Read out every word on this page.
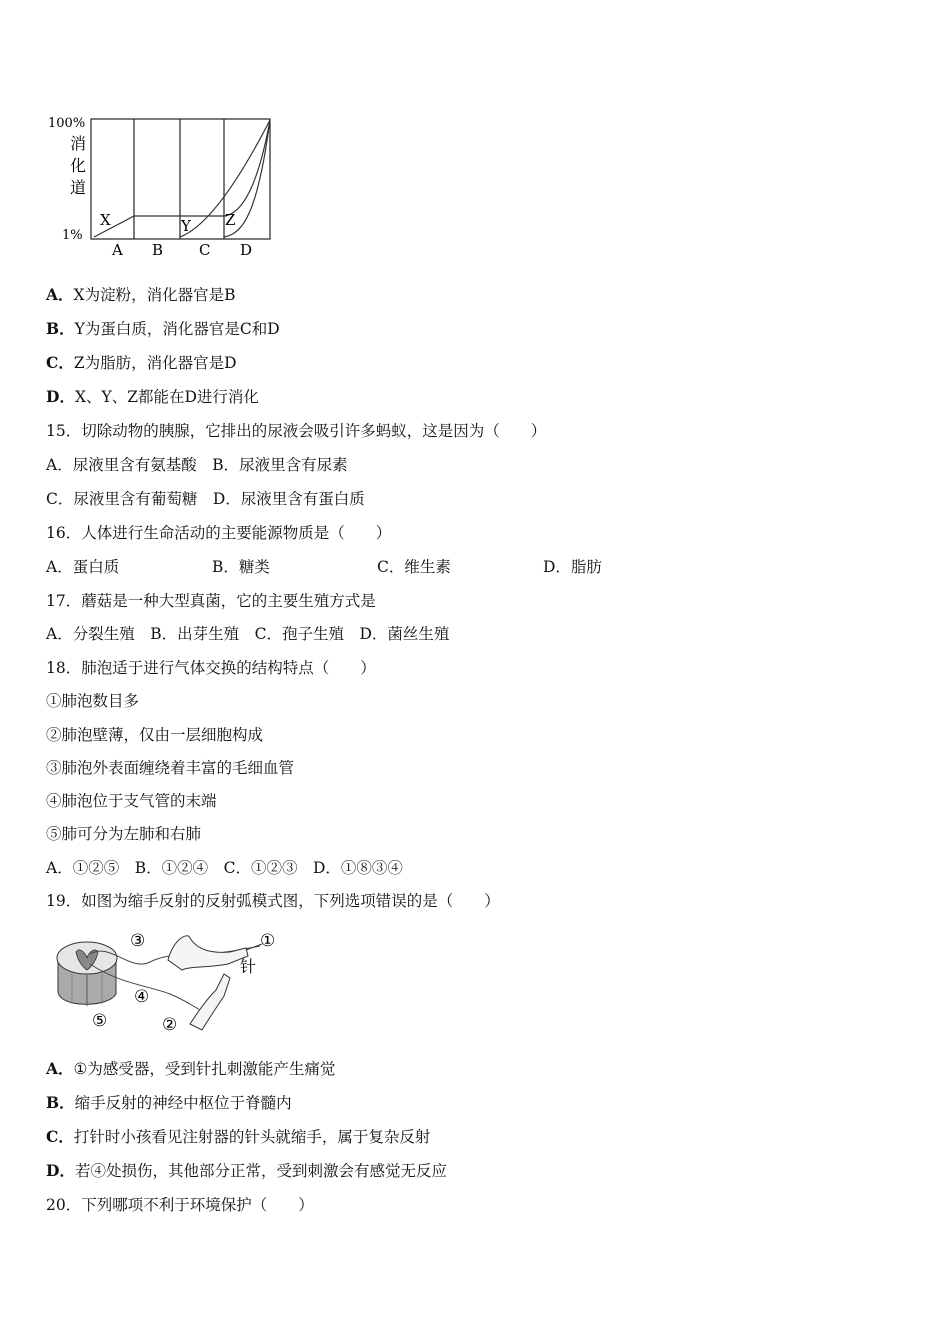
100%
消
化
道
1%
X	Y Z
A B C D
A．X为淀粉，消化器官是B
B．Y为蛋白质，消化器官是C和D
C．Z为脂肪，消化器官是D
D．X、Y、Z都能在D进行消化
15．切除动物的胰腺，它排出的尿液会吸引许多蚂蚁，这是因为（　　）
A．尿液里含有氨基酸　B．尿液里含有尿素
C．尿液里含有葡萄糖　D．尿液里含有蛋白质
16．人体进行生命活动的主要能源物质是（　　）
A．蛋白质	B．糖类	C．维生素	D．脂肪
17．蘑菇是一种大型真菌，它的主要生殖方式是
A．分裂生殖　B．出芽生殖　C．孢子生殖　D．菌丝生殖
18．肺泡适于进行气体交换的结构特点（　　）
①肺泡数目多
②肺泡壁薄，仅由一层细胞构成
③肺泡外表面缠绕着丰富的毛细血管
④肺泡位于支气管的末端
⑤肺可分为左肺和右肺
A．①②⑤　B．①②④　C．①②③　D．①⑧③④
19．如图为缩手反射的反射弧模式图，下列选项错误的是（　　）
①
③
针
④
⑤	②
A．①为感受器，受到针扎刺激能产生痛觉
B．缩手反射的神经中枢位于脊髓内
C．打针时小孩看见注射器的针头就缩手，属于复杂反射
D．若④处损伤，其他部分正常，受到刺激会有感觉无反应
20．下列哪项不利于环境保护（　　）
